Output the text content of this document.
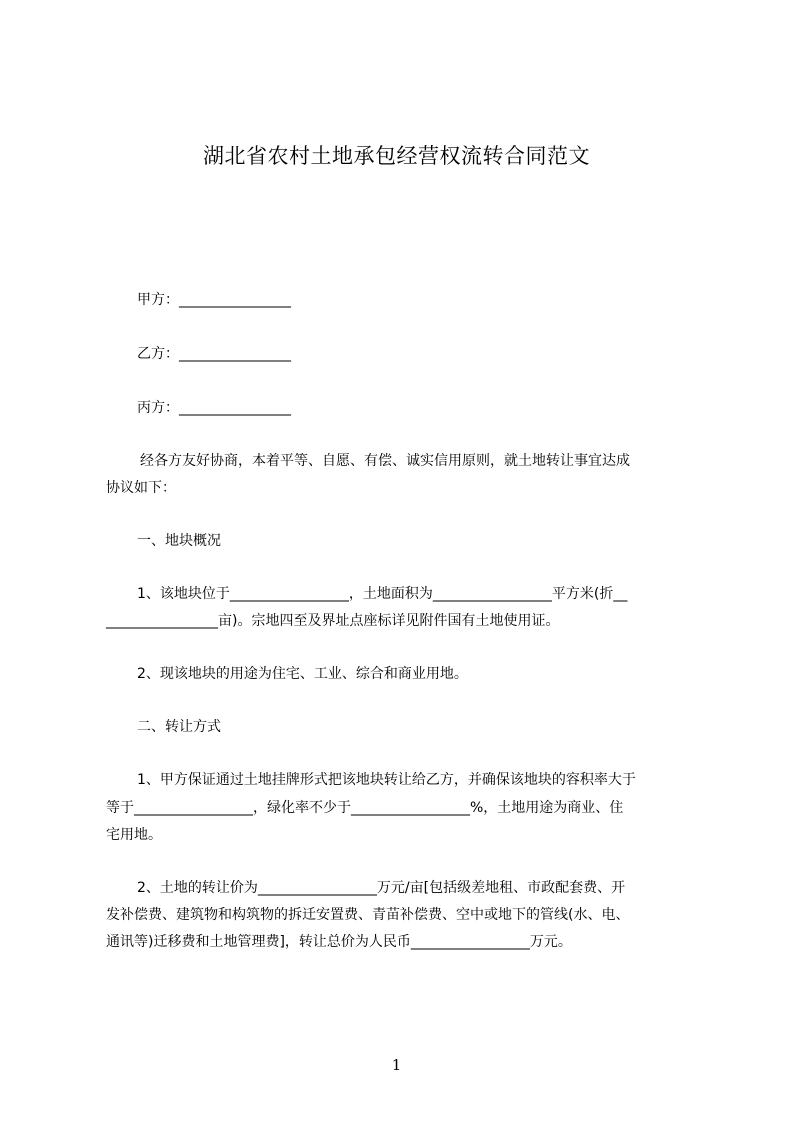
湖北省农村土地承包经营权流转合同范文
甲方：________________
乙方：________________
丙方：________________
经各方友好协商，本着平等、自愿、有偿、诚实信用原则，就土地转让事宜达成
协议如下：
一、地块概况
1、该地块位于_________________，土地面积为_________________平方米(折__
________________亩)。宗地四至及界址点座标详见附件国有土地使用证。
2、现该地块的用途为住宅、工业、综合和商业用地。
二、转让方式
1、甲方保证通过土地挂牌形式把该地块转让给乙方，并确保该地块的容积率大于
等于_________________，绿化率不少于_________________%，土地用途为商业、住
宅用地。
2、土地的转让价为_________________万元/亩[包括级差地租、市政配套费、开
发补偿费、建筑物和构筑物的拆迁安置费、青苗补偿费、空中或地下的管线(水、电、
通讯等)迁移费和土地管理费]，转让总价为人民币_________________万元。
1
